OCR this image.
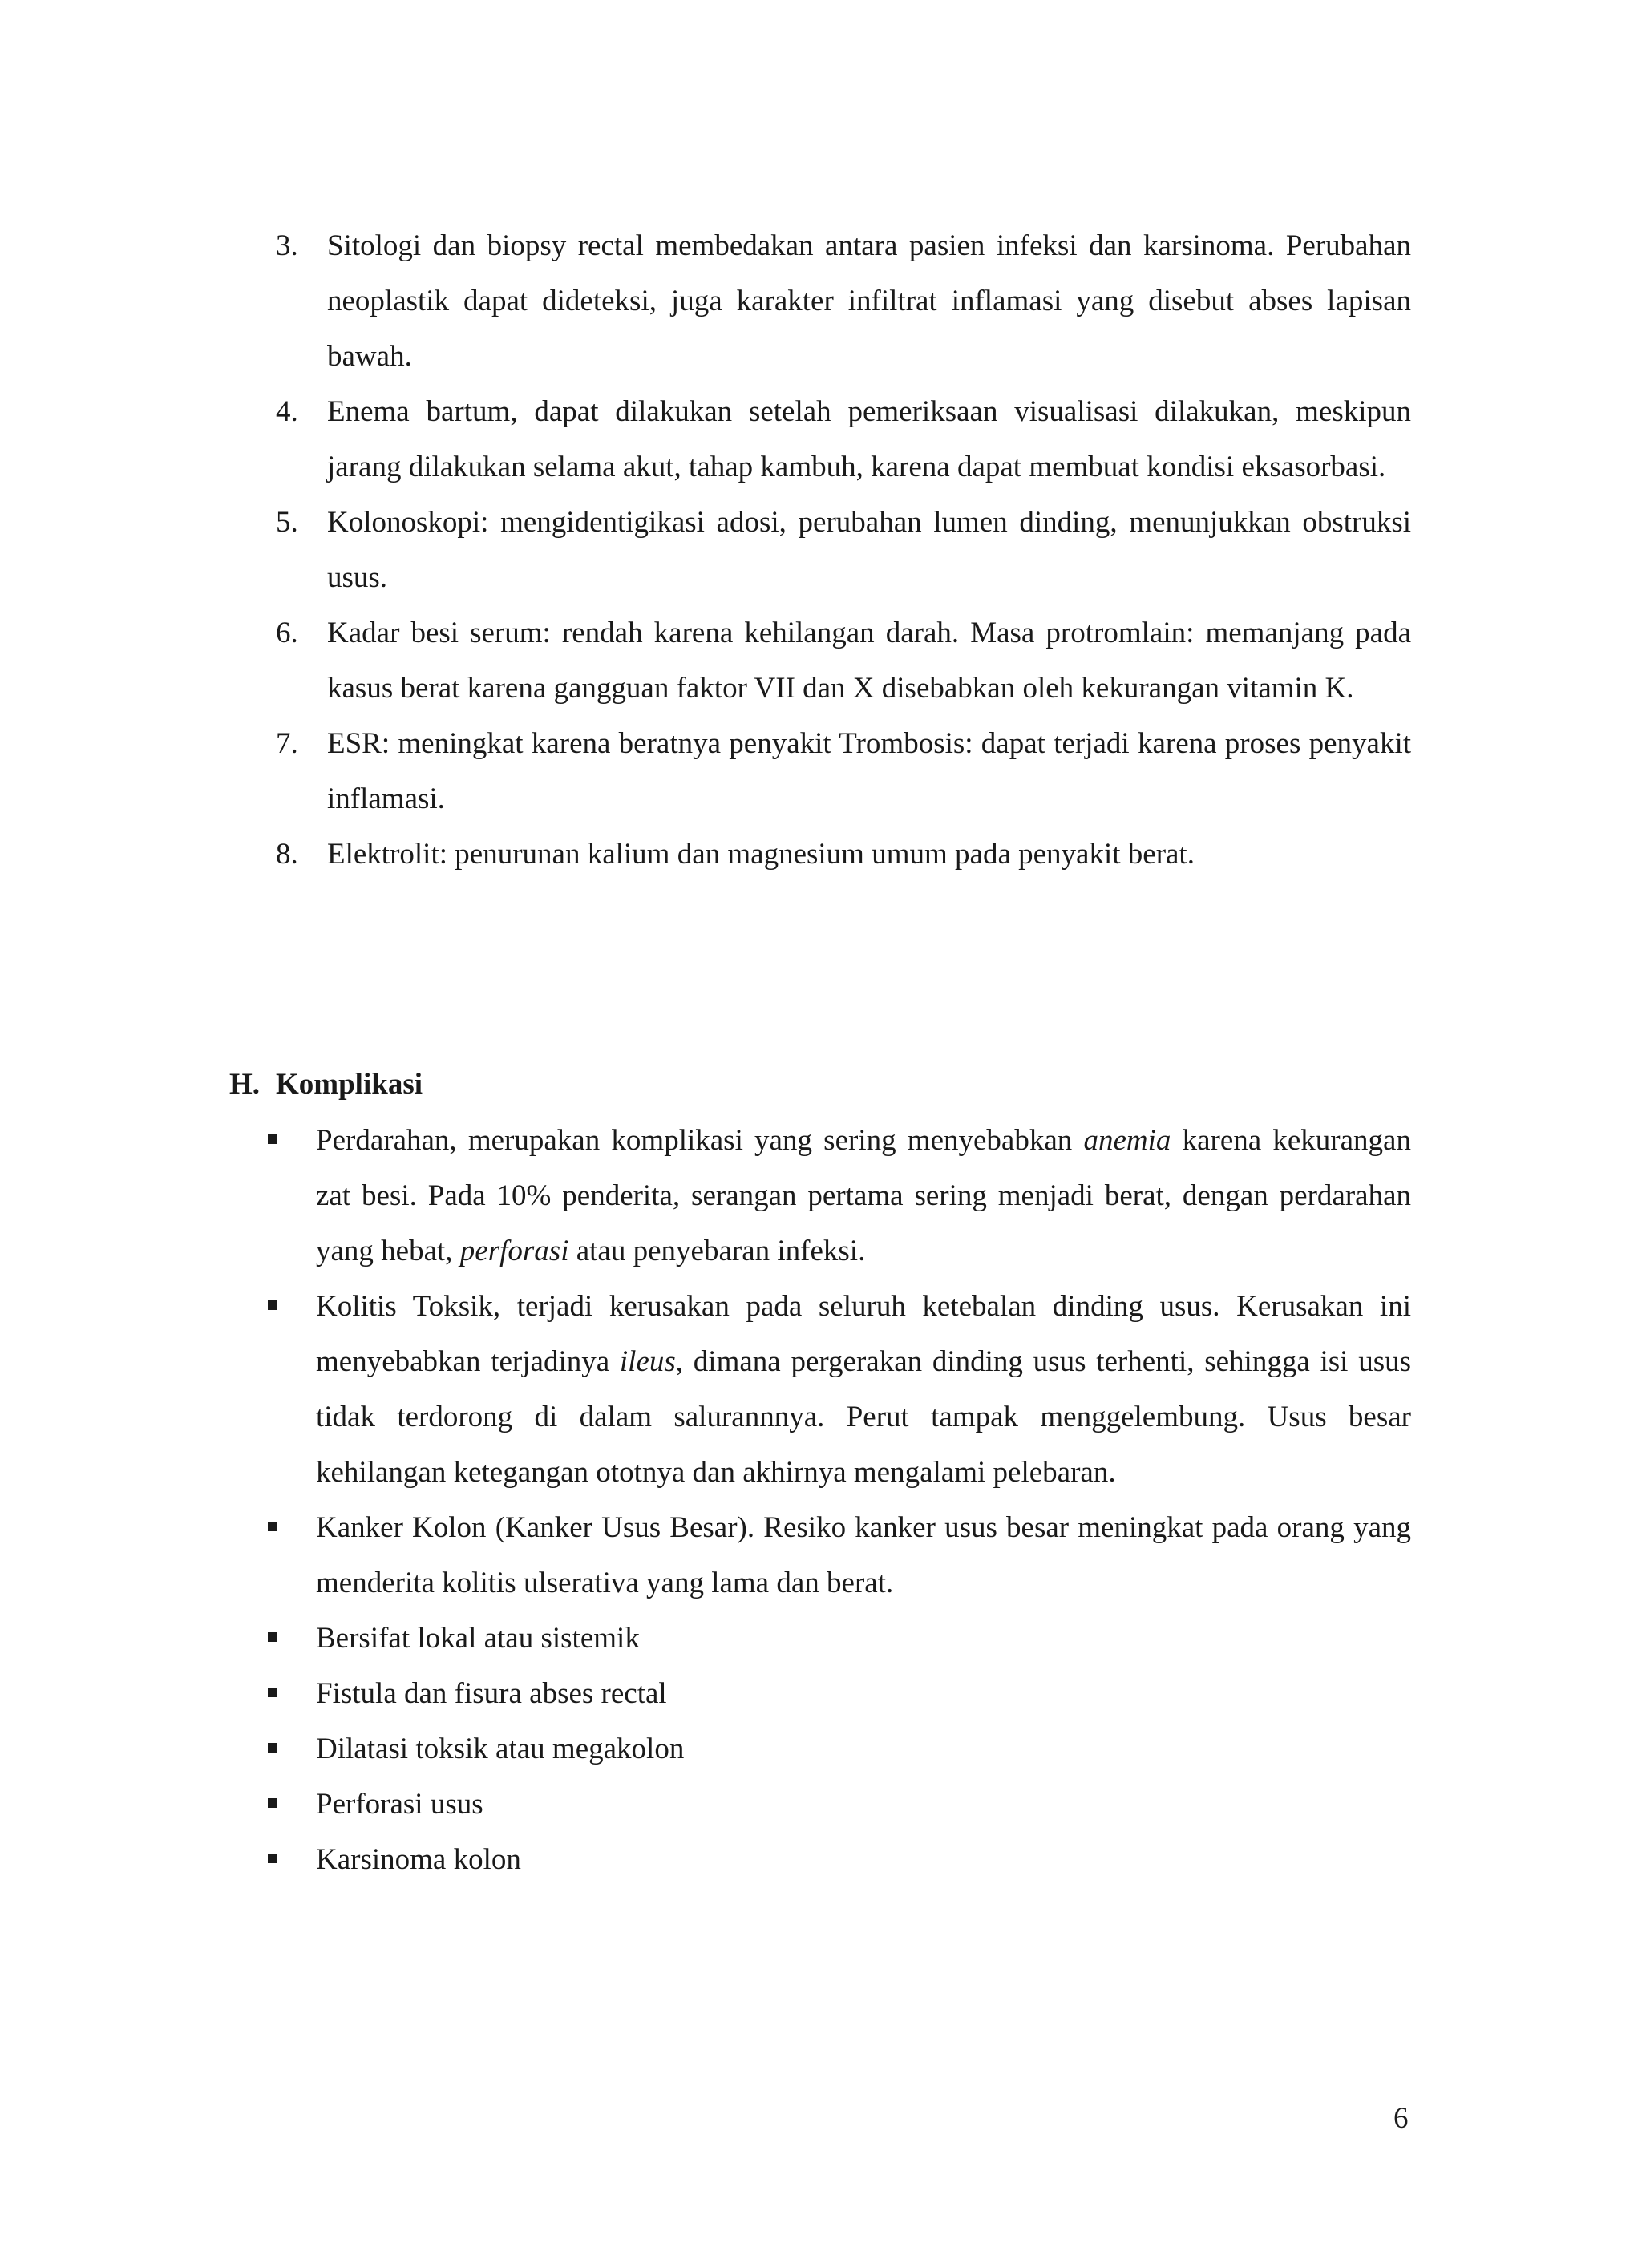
3. Sitologi dan biopsy rectal membedakan antara pasien infeksi dan karsinoma. Perubahan neoplastik dapat dideteksi, juga karakter infiltrat inflamasi yang disebut abses lapisan bawah.
4. Enema bartum, dapat dilakukan setelah pemeriksaan visualisasi dilakukan, meskipun jarang dilakukan selama akut, tahap kambuh, karena dapat membuat kondisi eksasorbasi.
5. Kolonoskopi: mengidentigikasi adosi, perubahan lumen dinding, menunjukkan obstruksi usus.
6. Kadar besi serum: rendah karena kehilangan darah. Masa protromlain: memanjang pada kasus berat karena gangguan faktor VII dan X disebabkan oleh kekurangan vitamin K.
7. ESR: meningkat karena beratnya penyakit Trombosis: dapat terjadi karena proses penyakit inflamasi.
8. Elektrolit: penurunan kalium dan magnesium umum pada penyakit berat.
H. Komplikasi
Perdarahan, merupakan komplikasi yang sering menyebabkan anemia karena kekurangan zat besi. Pada 10% penderita, serangan pertama sering menjadi berat, dengan perdarahan yang hebat, perforasi atau penyebaran infeksi.
Kolitis Toksik, terjadi kerusakan pada seluruh ketebalan dinding usus. Kerusakan ini menyebabkan terjadinya ileus, dimana pergerakan dinding usus terhenti, sehingga isi usus tidak terdorong di dalam salurannnya. Perut tampak menggelembung. Usus besar kehilangan ketegangan ototnya dan akhirnya mengalami pelebaran.
Kanker Kolon (Kanker Usus Besar). Resiko kanker usus besar meningkat pada orang yang menderita kolitis ulserativa yang lama dan berat.
Bersifat lokal atau sistemik
Fistula dan fisura abses rectal
Dilatasi toksik atau megakolon
Perforasi usus
Karsinoma kolon
6
